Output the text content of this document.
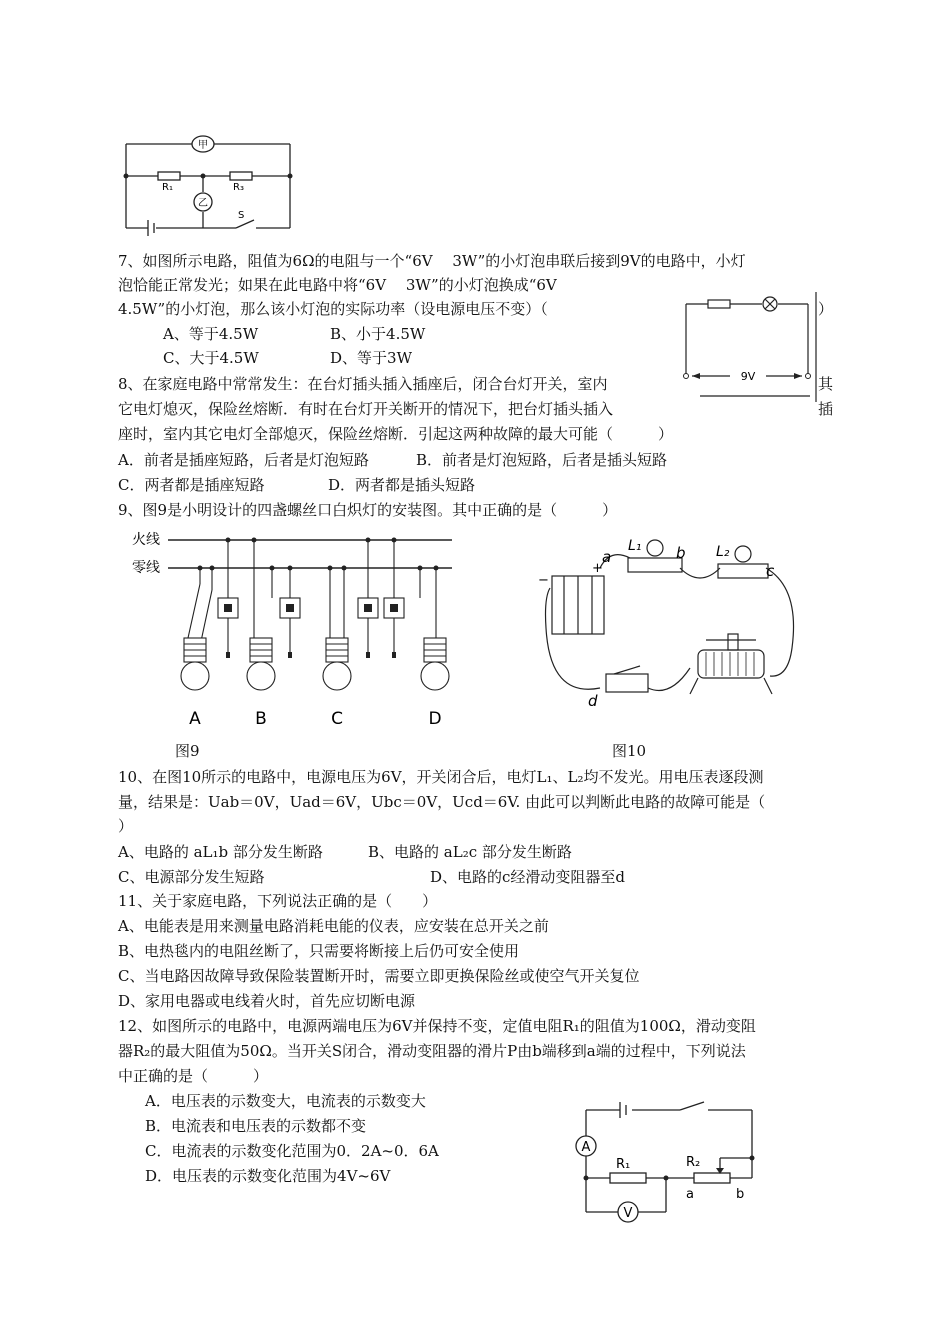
甲
乙
R₁	R₃
S
7、如图所示电路，阻值为6Ω的电阻与一个“6V　 3W”的小灯泡串联后接到9V的电路中，小灯
泡恰能正常发光；如果在此电路中将“6V　 3W”的小灯泡换成“6V
4.5W”的小灯泡，那么该小灯泡的实际功率（设电源电压不变）（	）
A、等于4.5W	B、小于4.5W
C、大于4.5W	D、等于3W
9V
8、在家庭电路中常常发生：在台灯插头插入插座后，闭合台灯开关，室内	其
它电灯熄灭，保险丝熔断．有时在台灯开关断开的情况下，把台灯插头插入	插
座时，室内其它电灯全部熄灭，保险丝熔断．引起这两种故障的最大可能（　　　）
A．前者是插座短路，后者是灯泡短路	B．前者是灯泡短路，后者是插头短路
C．两者都是插座短路	D．两者都是插头短路
9、图9是小明设计的四盏螺丝口白炽灯的安装图。其中正确的是（　　　）
火线
零线
A	B	C	D
−
+
a
L₁ b L₂
c
d
图9	图10
10、在图10所示的电路中，电源电压为6V，开关闭合后，电灯L₁、L₂均不发光。用电压表逐段测
量，结果是：Uab＝0V，Uad＝6V，Ubc＝0V，Ucd＝6V. 由此可以判断此电路的故障可能是（
）
A、电路的 aL₁b 部分发生断路	B、电路的 aL₂c 部分发生断路
C、电源部分发生短路	D、电路的c经滑动变阻器至d
11、关于家庭电路，下列说法正确的是（　　）
A、电能表是用来测量电路消耗电能的仪表，应安装在总开关之前
B、电热毯内的电阻丝断了，只需要将断接上后仍可安全使用
C、当电路因故障导致保险装置断开时，需要立即更换保险丝或使空气开关复位
D、家用电器或电线着火时，首先应切断电源
12、如图所示的电路中，电源两端电压为6V并保持不变，定值电阻R₁的阻值为100Ω，滑动变阻
器R₂的最大阻值为50Ω。当开关S闭合，滑动变阻器的滑片P由b端移到a端的过程中，下列说法
中正确的是（　　　）
A．电压表的示数变大，电流表的示数变大
B．电流表和电压表的示数都不变
C．电流表的示数变化范围为0．2A~0．6A
D．电压表的示数变化范围为4V~6V
A
V
R₁	R₂
a	b
